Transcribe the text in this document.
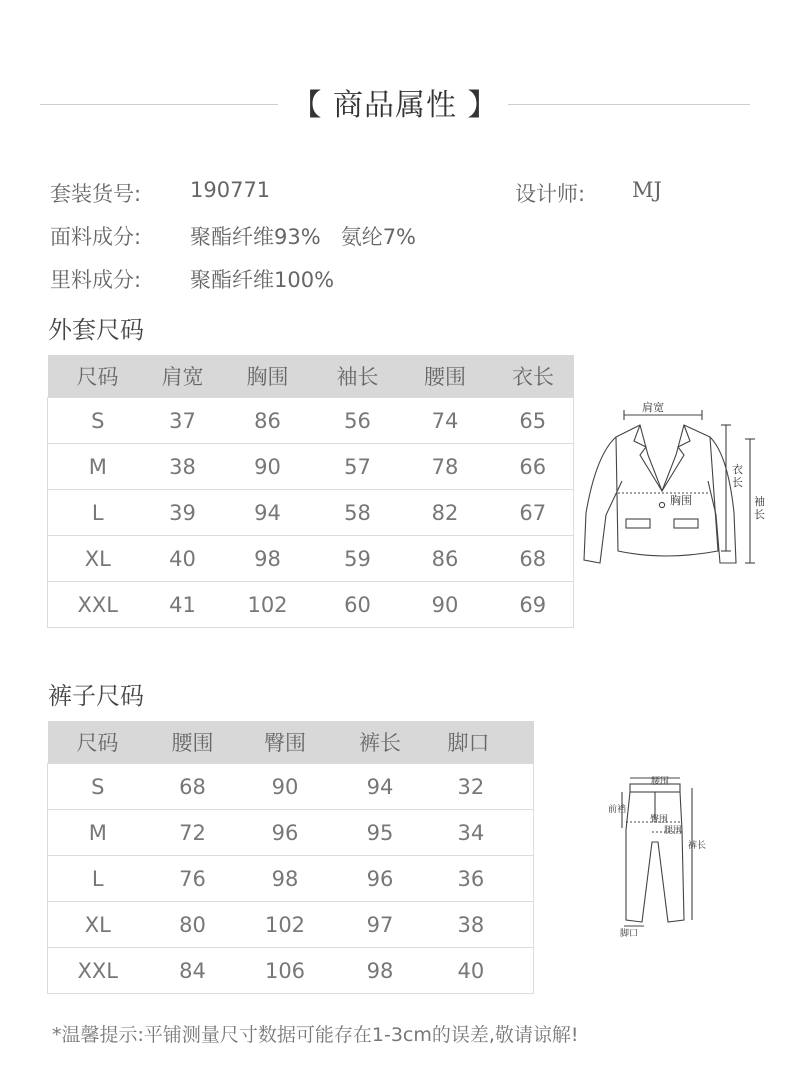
【 商品属性 】
套装货号: 190771	设计师: MJ
面料成分: 聚酯纤维93%   氨纶7%
里料成分: 聚酯纤维100%
外套尺码
尺码	肩宽	胸围	袖长	腰围	衣长
S	37	86	56	74	65
M	38	90	57	78	66
L	39	94	58	82	67
XL	40	98	59	86	68
XXL	41	102	60	90	69
肩宽
胸围
衣
长
袖
长
裤子尺码
尺码	腰围	臀围	裤长	脚口
S	68	90	94	32
M	72	96	95	34
L	76	98	96	36
XL	80	102	97	38
XXL	84	106	98	40
腰围
前裆
臀围
腿围
裤长
脚口
*温馨提示:平铺测量尺寸数据可能存在1-3cm的误差,敬请谅解!
